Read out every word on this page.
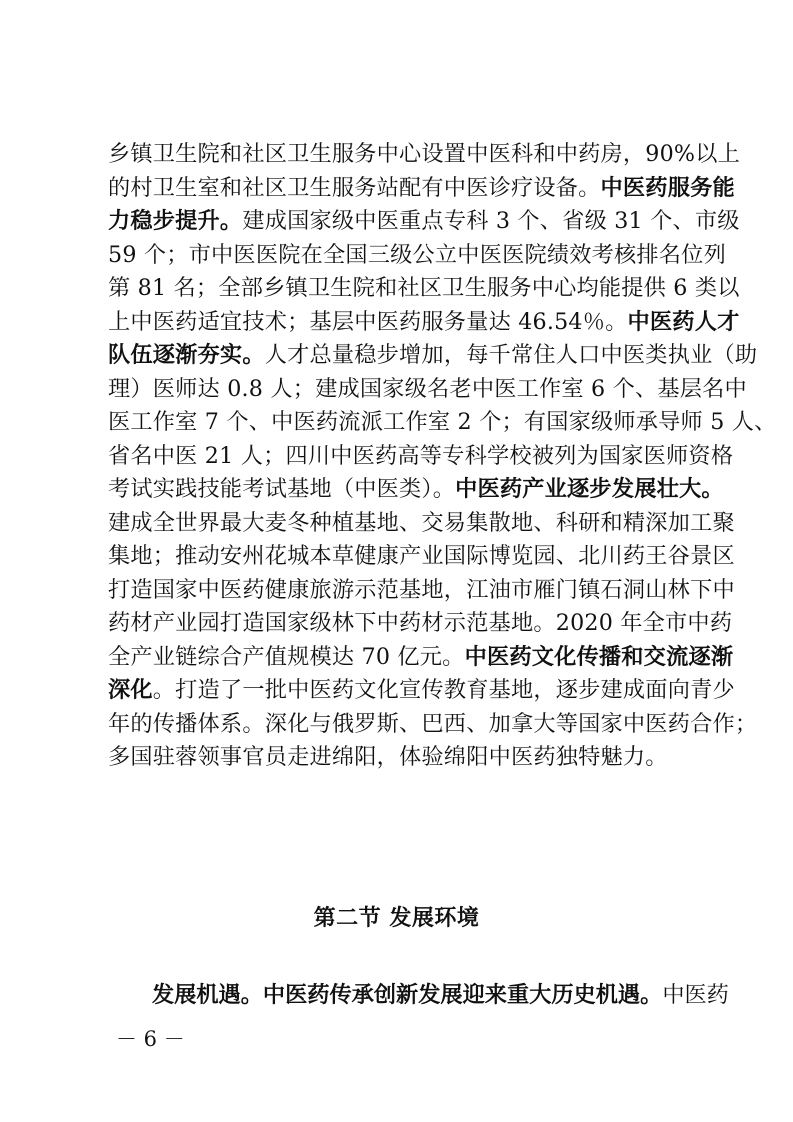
乡镇卫生院和社区卫生服务中心设置中医科和中药房，90%以上
的村卫生室和社区卫生服务站配有中医诊疗设备。中医药服务能
力稳步提升。建成国家级中医重点专科 3 个、省级 31 个、市级
59 个；市中医医院在全国三级公立中医医院绩效考核排名位列
第 81 名；全部乡镇卫生院和社区卫生服务中心均能提供 6 类以
上中医药适宜技术；基层中医药服务量达 46.54％。中医药人才
队伍逐渐夯实。人才总量稳步增加，每千常住人口中医类执业（助
理）医师达 0.8 人；建成国家级名老中医工作室 6 个、基层名中
医工作室 7 个、中医药流派工作室 2 个；有国家级师承导师 5 人、
省名中医 21 人；四川中医药高等专科学校被列为国家医师资格
考试实践技能考试基地（中医类）。中医药产业逐步发展壮大。
建成全世界最大麦冬种植基地、交易集散地、科研和精深加工聚
集地；推动安州花城本草健康产业国际博览园、北川药王谷景区
打造国家中医药健康旅游示范基地，江油市雁门镇石洞山林下中
药材产业园打造国家级林下中药材示范基地。2020 年全市中药
全产业链综合产值规模达 70 亿元。中医药文化传播和交流逐渐
深化。打造了一批中医药文化宣传教育基地，逐步建成面向青少
年的传播体系。深化与俄罗斯、巴西、加拿大等国家中医药合作；
多国驻蓉领事官员走进绵阳，体验绵阳中医药独特魅力。
第二节 发展环境
发展机遇。中医药传承创新发展迎来重大历史机遇。中医药
－ 6 －
